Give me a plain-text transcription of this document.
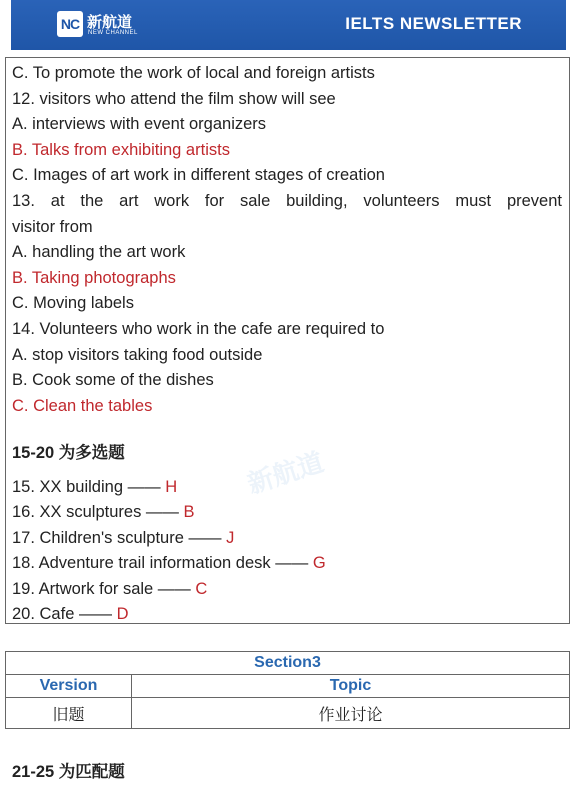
NC 新航道
NEW CHANNEL	IELTS NEWSLETTER
新航道
C. To promote the work of local and foreign artists
12. visitors who attend the film show will see
A. interviews with event organizers
B. Talks from exhibiting artists
C. Images of art work in different stages of creation
13. at the art work for sale building, volunteers must prevent
visitor from
A. handling the art work
B. Taking photographs
C. Moving labels
14. Volunteers who work in the cafe are required to
A. stop visitors taking food outside
B. Cook some of the dishes
C. Clean the tables
15-20 为多选题
15. XX building —— H
16. XX sculptures —— B
17. Children's sculpture —— J
18. Adventure trail information desk —— G
19. Artwork for sale —— C
20. Cafe —— D
Section3	
Version	Topic
旧题	作业讨论
21-25 为匹配题
